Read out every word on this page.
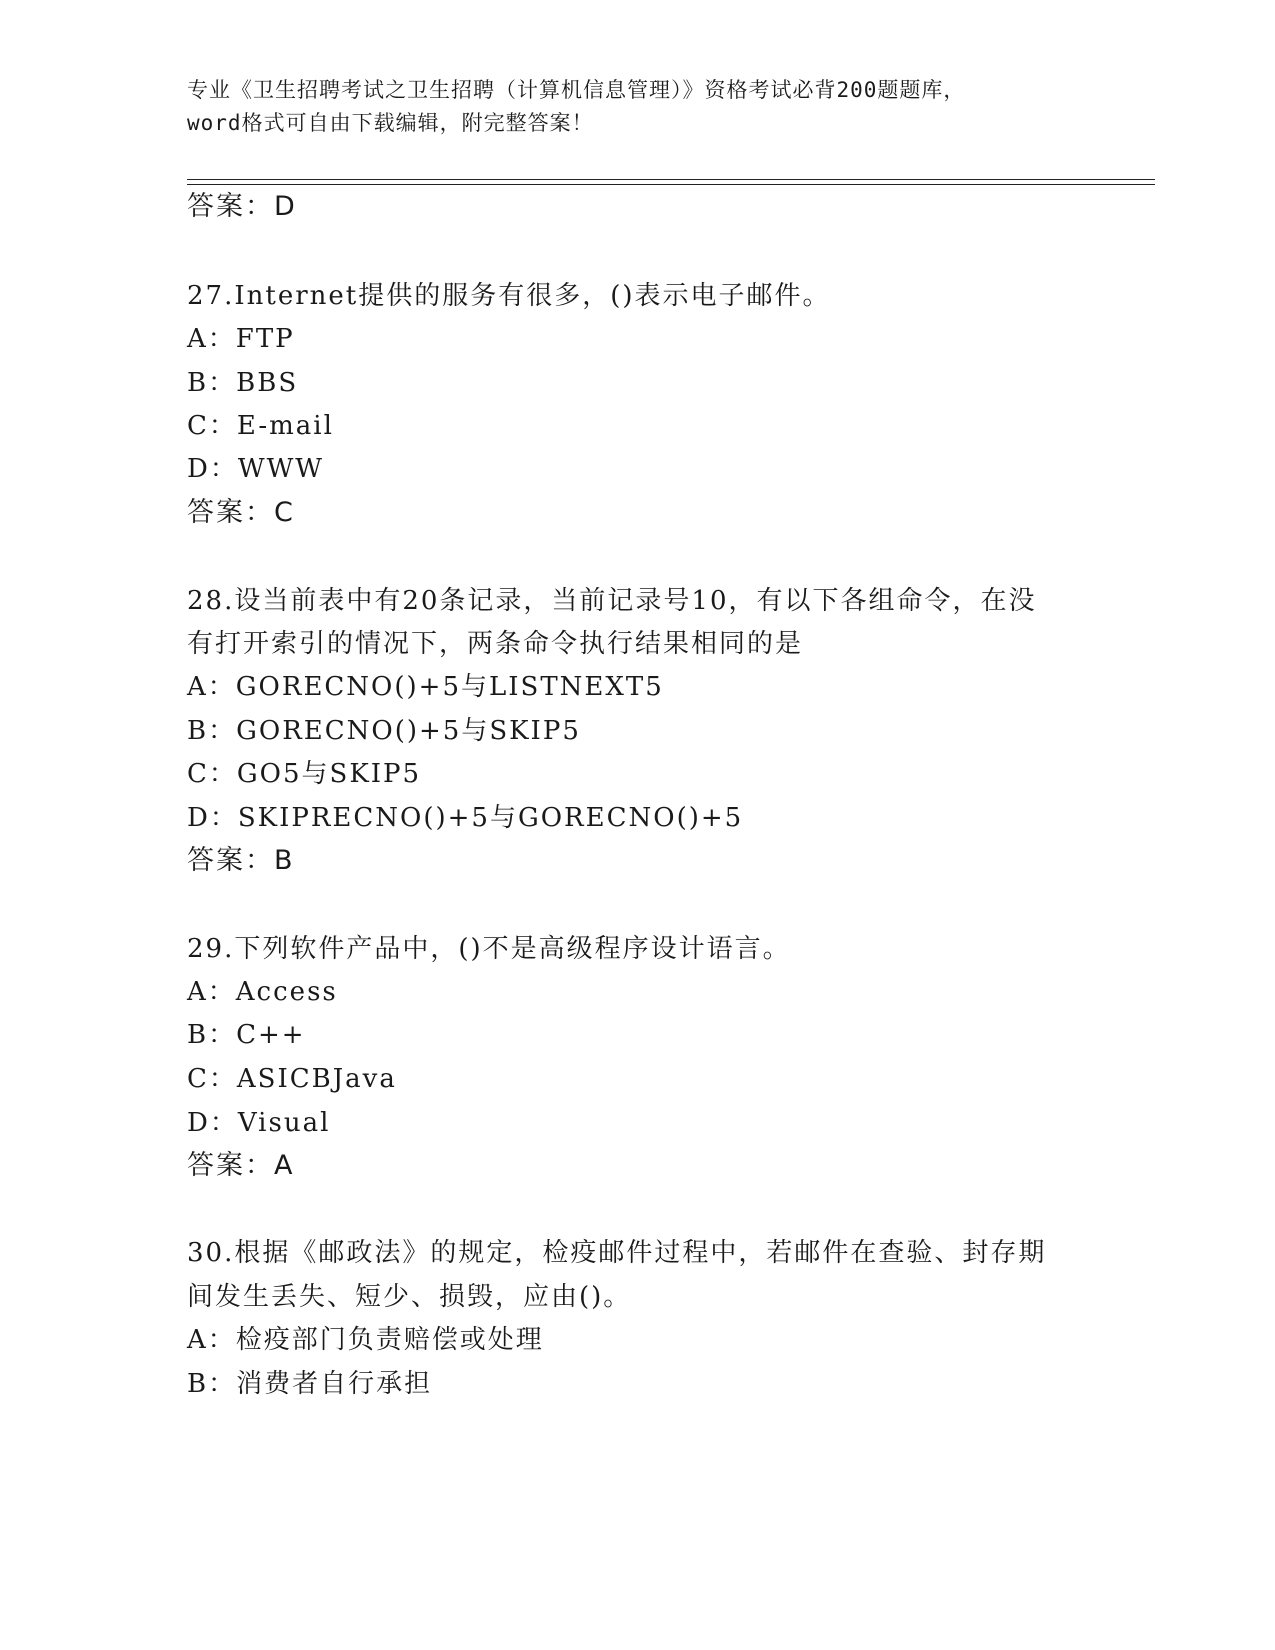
专业《卫生招聘考试之卫生招聘（计算机信息管理）》资格考试必背200题题库，
word格式可自由下载编辑，附完整答案！
答案：D
27.Internet提供的服务有很多，()表示电子邮件。
A：FTP
B：BBS
C：E-mail
D：WWW
答案：C
28.设当前表中有20条记录，当前记录号10，有以下各组命令，在没
有打开索引的情况下，两条命令执行结果相同的是
A：GORECNO()+5与LISTNEXT5
B：GORECNO()+5与SKIP5
C：GO5与SKIP5
D：SKIPRECNO()+5与GORECNO()+5
答案：B
29.下列软件产品中，()不是高级程序设计语言。
A：Access
B：C++
C：ASICBJava
D：Visual
答案：A
30.根据《邮政法》的规定，检疫邮件过程中，若邮件在查验、封存期
间发生丢失、短少、损毁，应由()。
A：检疫部门负责赔偿或处理
B：消费者自行承担
